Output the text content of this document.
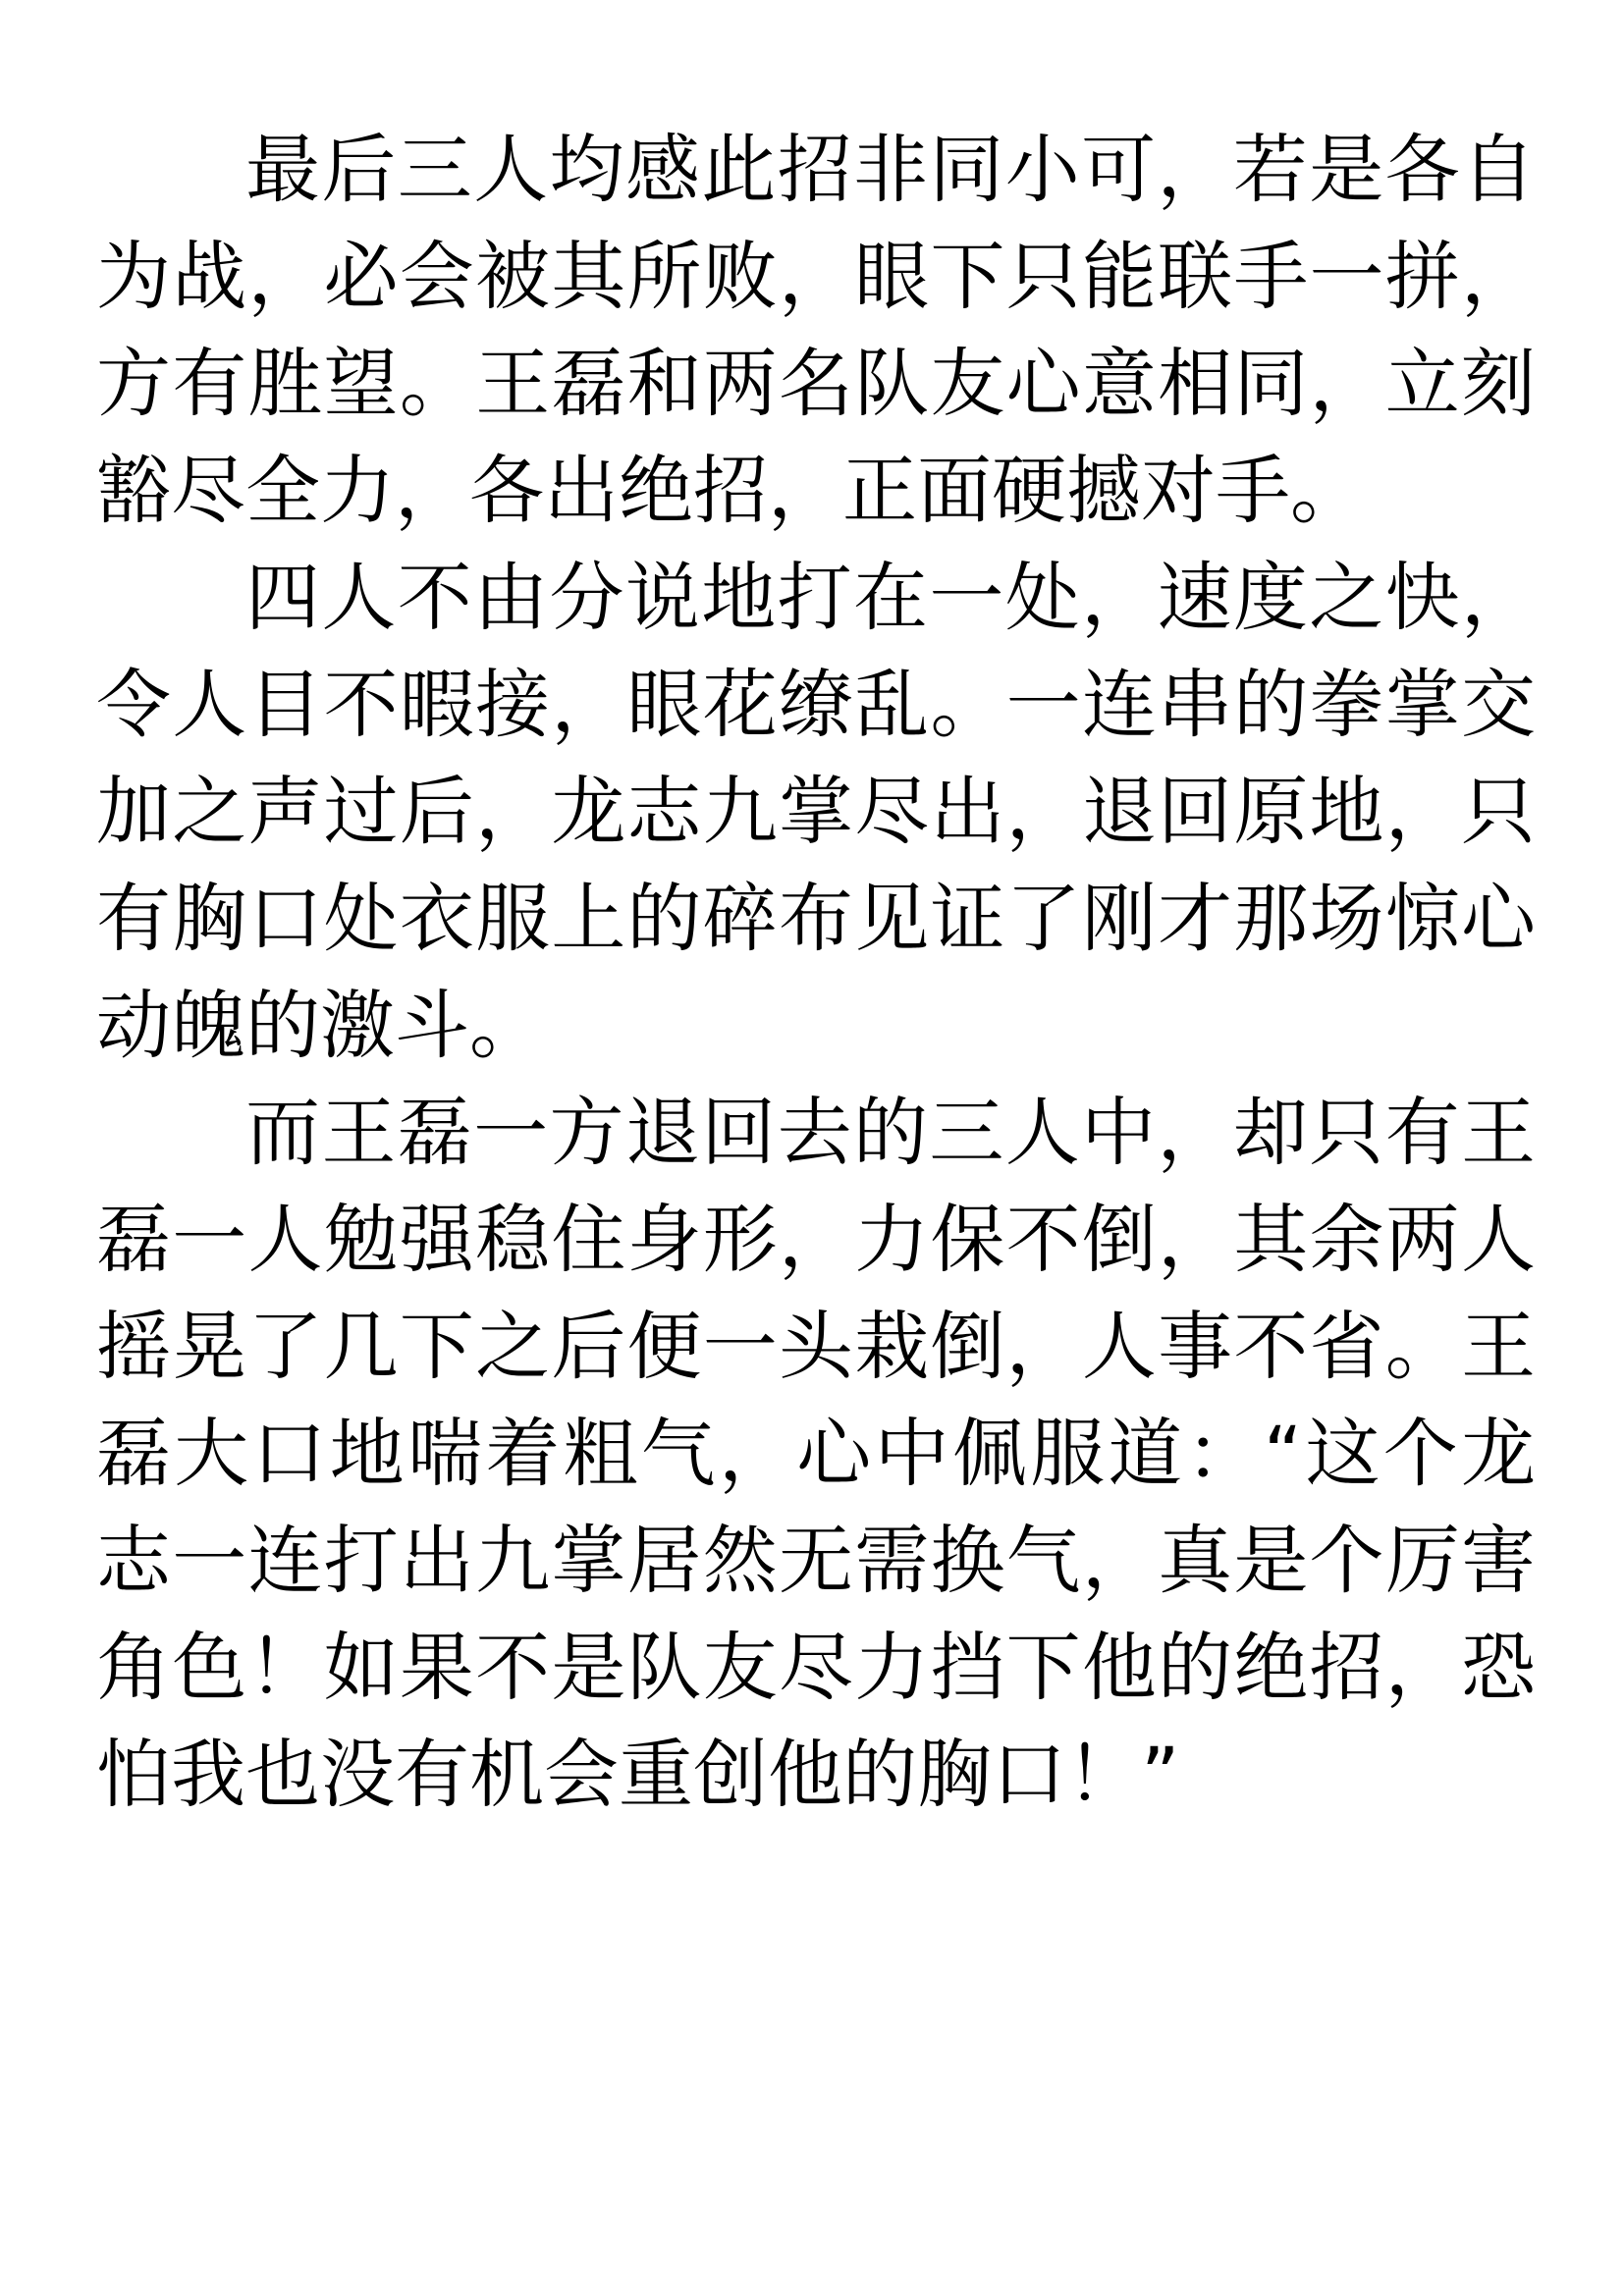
最后三人均感此招非同小可，若是各自为战，必会被其所败，眼下只能联手一拼，方有胜望。王磊和两名队友心意相同，立刻豁尽全力，各出绝招，正面硬撼对手。

四人不由分说地打在一处，速度之快，令人目不暇接，眼花缭乱。一连串的拳掌交加之声过后，龙志九掌尽出，退回原地，只有胸口处衣服上的碎布见证了刚才那场惊心动魄的激斗。

而王磊一方退回去的三人中，却只有王磊一人勉强稳住身形，力保不倒，其余两人摇晃了几下之后便一头栽倒，人事不省。王磊大口地喘着粗气，心中佩服道：“这个龙志一连打出九掌居然无需换气，真是个厉害角色！如果不是队友尽力挡下他的绝招，恐怕我也没有机会重创他的胸口！”
